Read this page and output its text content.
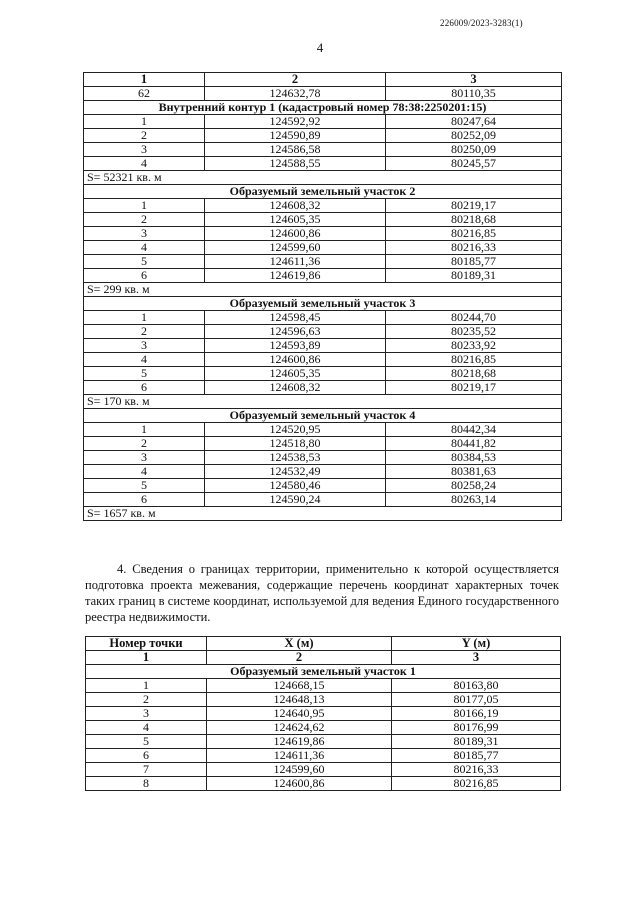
226009/2023-3283(1)
4
1	2	3
62	124632,78	80110,35
Внутренний контур 1 (кадастровый номер 78:38:2250201:15)		
1	124592,92	80247,64
2	124590,89	80252,09
3	124586,58	80250,09
4	124588,55	80245,57
S= 52321 кв. м		
Образуемый земельный участок 2		
1	124608,32	80219,17
2	124605,35	80218,68
3	124600,86	80216,85
4	124599,60	80216,33
5	124611,36	80185,77
6	124619,86	80189,31
S= 299 кв. м		
Образуемый земельный участок 3		
1	124598,45	80244,70
2	124596,63	80235,52
3	124593,89	80233,92
4	124600,86	80216,85
5	124605,35	80218,68
6	124608,32	80219,17
S= 170 кв. м		
Образуемый земельный участок 4		
1	124520,95	80442,34
2	124518,80	80441,82
3	124538,53	80384,53
4	124532,49	80381,63
5	124580,46	80258,24
6	124590,24	80263,14
S= 1657 кв. м		
4. Сведения о границах территории, применительно к которой осуществляется подготовка проекта межевания, содержащие перечень координат характерных точек таких границ в системе координат, используемой для ведения Единого государственного реестра недвижимости.
Номер точки	X (м)	Y (м)
1	2	3
Образуемый земельный участок 1		
1	124668,15	80163,80
2	124648,13	80177,05
3	124640,95	80166,19
4	124624,62	80176,99
5	124619,86	80189,31
6	124611,36	80185,77
7	124599,60	80216,33
8	124600,86	80216,85
